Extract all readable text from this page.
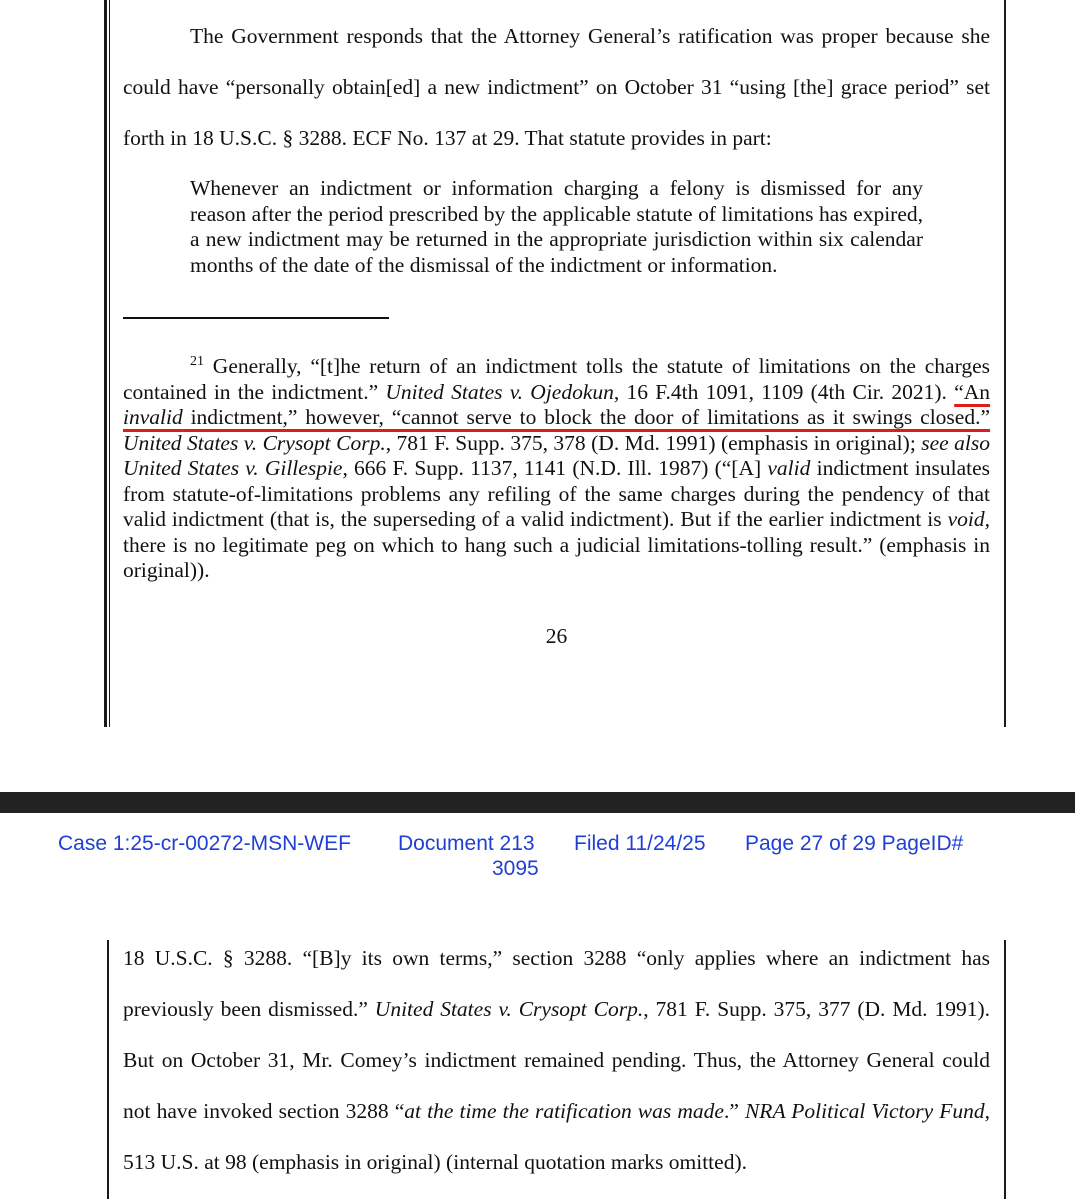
The Government responds that the Attorney General’s ratification was proper because she could have “personally obtain[ed] a new indictment” on October 31 “using [the] grace period” set forth in 18 U.S.C. § 3288. ECF No. 137 at 29. That statute provides in part:
Whenever an indictment or information charging a felony is dismissed for any reason after the period prescribed by the applicable statute of limitations has expired, a new indictment may be returned in the appropriate jurisdiction within six calendar months of the date of the dismissal of the indictment or information.
$^{21}$ Generally, “[t]he return of an indictment tolls the statute of limitations on the charges contained in the indictment.” United States v. Ojedokun, 16 F.4th 1091, 1109 (4th Cir. 2021). “An invalid indictment,” however, “cannot serve to block the door of limitations as it swings closed.” United States v. Crysopt Corp., 781 F. Supp. 375, 378 (D. Md. 1991) (emphasis in original); see also United States v. Gillespie, 666 F. Supp. 1137, 1141 (N.D. Ill. 1987) (“[A] valid indictment insulates from statute-of-limitations problems any refiling of the same charges during the pendency of that valid indictment (that is, the superseding of a valid indictment). But if the earlier indictment is void, there is no legitimate peg on which to hang such a judicial limitations-tolling result.” (emphasis in original)).
26
Case 1:25-cr-00272-MSN-WEF Document 213 Filed 11/24/25 Page 27 of 29 PageID#
3095
18 U.S.C. § 3288. “[B]y its own terms,” section 3288 “only applies where an indictment has previously been dismissed.” United States v. Crysopt Corp., 781 F. Supp. 375, 377 (D. Md. 1991). But on October 31, Mr. Comey’s indictment remained pending. Thus, the Attorney General could not have invoked section 3288 “at the time the ratification was made.” NRA Political Victory Fund, 513 U.S. at 98 (emphasis in original) (internal quotation marks omitted).
